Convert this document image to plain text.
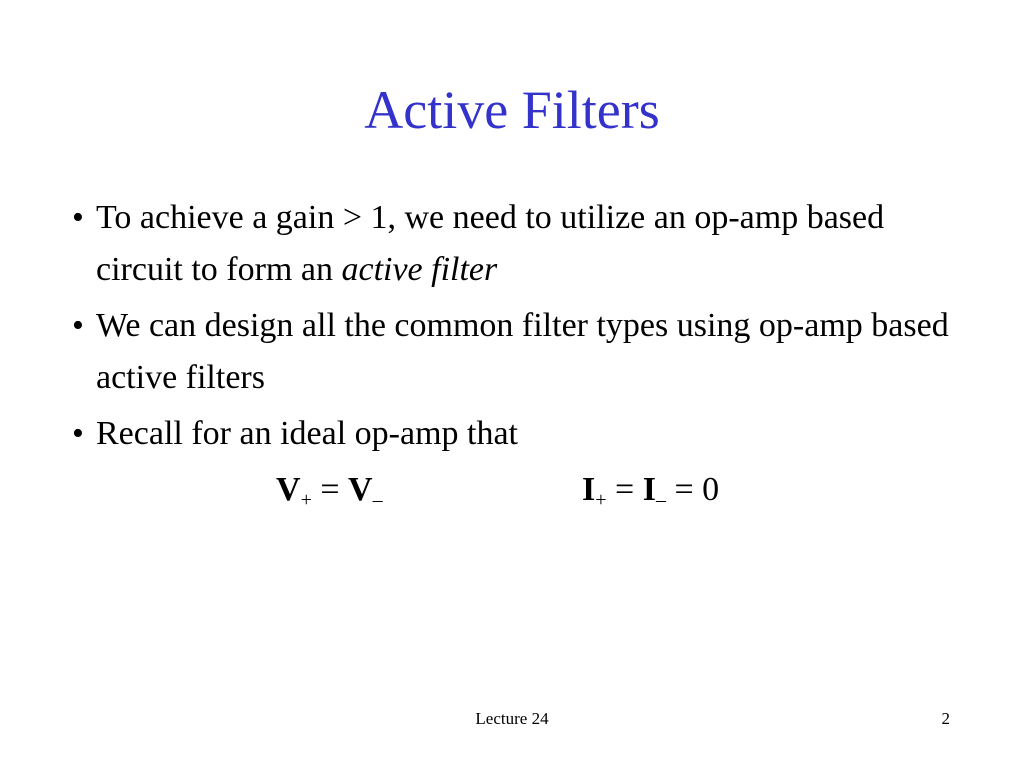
Active Filters
• To achieve a gain > 1, we need to utilize an op-amp based circuit to form an active filter
• We can design all the common filter types using op-amp based active filters
• Recall for an ideal op-amp that
$V_+ = V_-$	$I_+ = I_- = 0$
Lecture 24	2
